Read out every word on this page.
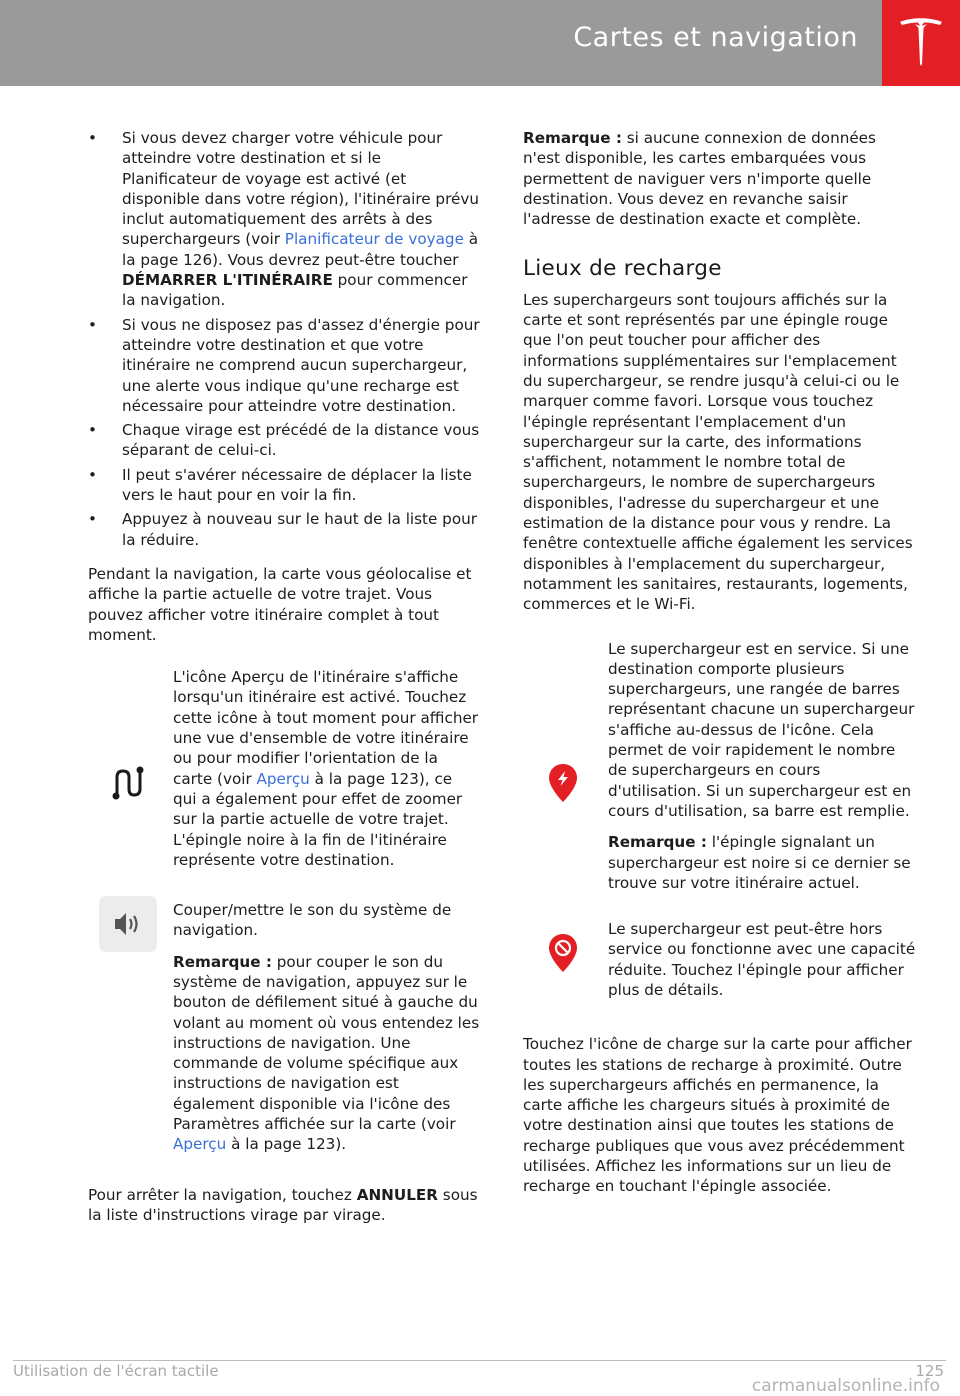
Cartes et navigation
• Si vous devez charger votre véhicule pour atteindre votre destination et si le Planificateur de voyage est activé (et disponible dans votre région), l'itinéraire prévu inclut automatiquement des arrêts à des superchargeurs (voir Planificateur de voyage à la page 126). Vous devrez peut-être toucher DÉMARRER L'ITINÉRAIRE pour commencer la navigation.
• Si vous ne disposez pas d'assez d'énergie pour atteindre votre destination et que votre itinéraire ne comprend aucun superchargeur, une alerte vous indique qu'une recharge est nécessaire pour atteindre votre destination.
• Chaque virage est précédé de la distance vous séparant de celui-ci.
• Il peut s'avérer nécessaire de déplacer la liste vers le haut pour en voir la fin.
• Appuyez à nouveau sur le haut de la liste pour la réduire.

Pendant la navigation, la carte vous géolocalise et affiche la partie actuelle de votre trajet. Vous pouvez afficher votre itinéraire complet à tout moment.

L'icône Aperçu de l'itinéraire s'affiche lorsqu'un itinéraire est activé. Touchez cette icône à tout moment pour afficher une vue d'ensemble de votre itinéraire ou pour modifier l'orientation de la carte (voir Aperçu à la page 123), ce qui a également pour effet de zoomer sur la partie actuelle de votre trajet. L'épingle noire à la fin de l'itinéraire représente votre destination.

Couper/mettre le son du système de navigation.

Remarque : pour couper le son du système de navigation, appuyez sur le bouton de défilement situé à gauche du volant au moment où vous entendez les instructions de navigation. Une commande de volume spécifique aux instructions de navigation est également disponible via l'icône des Paramètres affichée sur la carte (voir Aperçu à la page 123).

Pour arrêter la navigation, touchez ANNULER sous la liste d'instructions virage par virage.

Remarque : si aucune connexion de données n'est disponible, les cartes embarquées vous permettent de naviguer vers n'importe quelle destination. Vous devez en revanche saisir l'adresse de destination exacte et complète.

Lieux de recharge

Les superchargeurs sont toujours affichés sur la carte et sont représentés par une épingle rouge que l'on peut toucher pour afficher des informations supplémentaires sur l'emplacement du superchargeur, se rendre jusqu'à celui-ci ou le marquer comme favori. Lorsque vous touchez l'épingle représentant l'emplacement d'un superchargeur sur la carte, des informations s'affichent, notamment le nombre total de superchargeurs, le nombre de superchargeurs disponibles, l'adresse du superchargeur et une estimation de la distance pour vous y rendre. La fenêtre contextuelle affiche également les services disponibles à l'emplacement du superchargeur, notamment les sanitaires, restaurants, logements, commerces et le Wi-Fi.

Le superchargeur est en service. Si une destination comporte plusieurs superchargeurs, une rangée de barres représentant chacune un superchargeur s'affiche au-dessus de l'icône. Cela permet de voir rapidement le nombre de superchargeurs en cours d'utilisation. Si un superchargeur est en cours d'utilisation, sa barre est remplie.

Remarque : l'épingle signalant un superchargeur est noire si ce dernier se trouve sur votre itinéraire actuel.

Le superchargeur est peut-être hors service ou fonctionne avec une capacité réduite. Touchez l'épingle pour afficher plus de détails.

Touchez l'icône de charge sur la carte pour afficher toutes les stations de recharge à proximité. Outre les superchargeurs affichés en permanence, la carte affiche les chargeurs situés à proximité de votre destination ainsi que toutes les stations de recharge publiques que vous avez précédemment utilisées. Affichez les informations sur un lieu de recharge en touchant l'épingle associée.

Utilisation de l'écran tactile	125
carmanualsonline.info
